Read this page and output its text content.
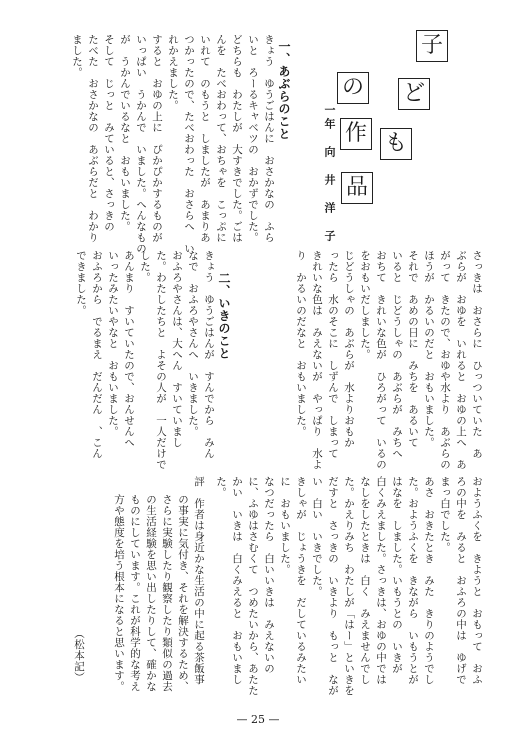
子
ど
も
の
作
品
一年　向　井　洋　子
一、あぶらのこと
きょう　ゆうごはんに　おさかなの　ふら
いと　ろーるキャベツの　おかずでした。
どちらも　わたしが　大すきでした。ごは
んを　たべおわって、おちゃを　こっぷに
いれて　のもうと　しましたが　あまりあ
つかったので、たべおわった　おさらへ　い
れかえました。
すると　おゆの上に　ぴかぴかするものが
いっぱい　うかんで　いました。へんなもの
が　うかんでいるなと　おもいました。
そして　じっと　みていると、さっきの
たべた　おさかなの　あぶらだと　わかり
ました。
さっきは　おさらに　ひっついていた　あ
ぶらが　おゆを　いれると　おゆの上へ　あ
がって　きたので、おゆや水より　あぶらの
ほうが　かるいのだと　おもいました。
それで　あめの日に　みちを　あるいて
いると　じどうしゃの　あぶらが　みちへ
おちて　きれいな色が　ひろがって　いるの
をおもいだしました。
じどうしゃの　あぶらが　水よりおもか
ったら　水のそこに　しずんで　しまって
きれいな色は　みえないが　やっぱり　水よ
り　かるいのだなと　おもいました。
二、いきのこと
きょう　ゆうごはんが　すんでから　みん
なで　おふろやさんへ　いきました。
おふろやさんは、大へん　すいていまし
た。わたしたちと　よその人が　一人だけで
した。
あんまり　すいていたので、おんせんへ
いったみたいやなと　おもいました。
おふろから　でるまえ　だんだん　、こん
できました。
おようふくを　きようと　おもって　おふ
ろの中を　みると　おふろの中は　ゆげで
まっ白でした。
あさ　おきたとき　みた　きりのようでし
た。おようふくを　きながら　いもうとが
はなを　しました。いもうとの　いきが
白くみえました。さっきは、おゆの中では
なしをしたときは　白く　みえませんでし
た。かえりみち　わたしが「はー」といきを
だすと　さっきの　いきより　もっと　なが
い　白い　いきでした。
きしゃが　じょうきを　だしているみたい
に　おもいました。
なつだったら　白いいきは　みえないの
に、ふゆはさむくて　つめたいから、あたた
かい　いきは　白くみえると　おもいまし
た。
評　作者は身近かな生活の中に起る茶飯事
の事実に気付き、それを解決するため、
さらに実験したり観察したり類似の過去
の生活経験を思い出したりして、確かな
ものにしています。これが科学的な考え
方や態度を培う根本になると思います。
（松本記）
— 25 —
